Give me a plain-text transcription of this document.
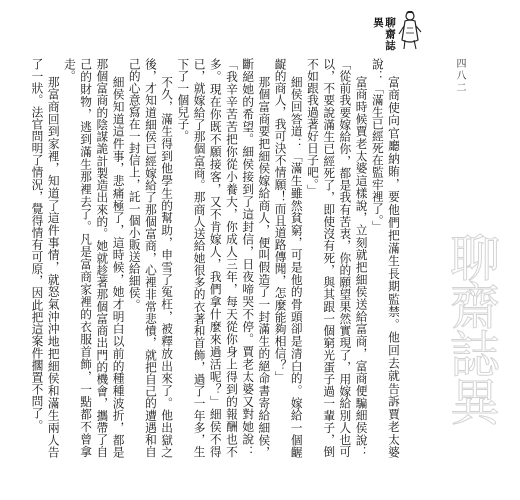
聊齋誌異

富商使向官廳納賄，要他們把滿生長期監禁。他回去就告訴賈老太婆說：「滿生已經死在監牢裡了。」

富商時候賈老太婆這樣說，立刻就把細侯送給富商，富商便騙細侯說：「從前我要嫁給你，都是我有苦衷，你的願望果然實現了，用嫁給別人也可以，不要說滿生已經死了，即使沒有死，與其跟一個窮光蛋子過一輩子，倒不如跟我過著好日子吧。」

細侯回答道：「滿生雖然貧窮，可是他的骨頭卻是清白的。嫁給一個齷齪的商人，我可決不情願！而且道路傳聞，怎麼能夠相信？」

那個富商要把細侯嫁給商人，便叫假造了一封滿生的絕命書寄給細侯，斷絕她的希望。細侯接到了這封信，日夜啼哭不停。賈老太婆又對她說：「我辛辛苦苦把你從小養大，你成人三年，每天從你身上得到的報酬也不多。現在你既不願接客，又不肯嫁人，我們拿什麼來過活呢？」細侯不得已，就嫁給了那個富商。那商人送給她很多的衣著和首飾，過了一年多，生下了一個兒子。

不久，滿生得到他學生的幫助，申雪了冤枉，被釋放出來了。他出獄之後，才知道細侯已經嫁給了那個富商，心裡非常悲憤，就把自己的遭遇和自己的心意寫在一封信上，託一個小販送給細侯。

細侯知道這件事，悲痛極了，這時候，她才明白以前的種種波折，都是那個富商的陰謀詭計製造出來的。她就趁著那個富商出門的機會，攜帶了自己的財物，逃到滿生那裡去了。凡是富商家裡的衣服首飾，一點都不曾拿走。

那富商回到家裡，知道了這件事情，就怒氣沖沖地把細侯和滿生兩人告了一狀。法官問明了情況，覺得情有可原，因此把這案件擱置不問了。	四八二
聊齋誌異
